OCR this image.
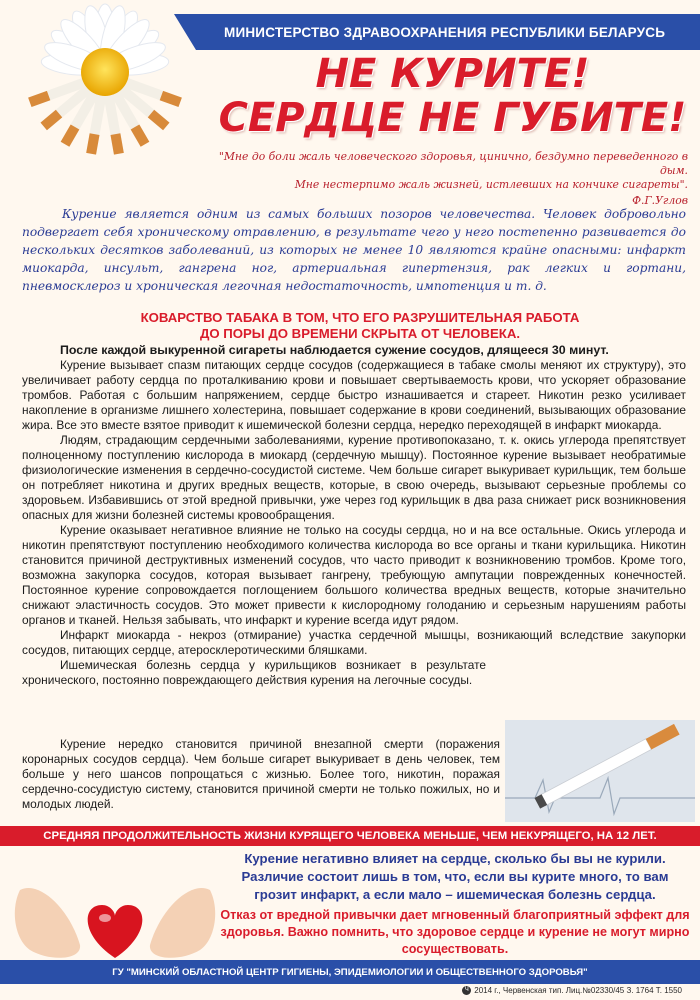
МИНИСТЕРСТВО ЗДРАВООХРАНЕНИЯ РЕСПУБЛИКИ БЕЛАРУСЬ
НЕ КУРИТЕ!
СЕРДЦЕ НЕ ГУБИТЕ!
"Мне до боли жаль человеческого здоровья, цинично, бездумно переведенного в дым.
Мне нестерпимо жаль жизней, истлевших на кончике сигареты".
Ф.Г.Углов

Курение является одним из самых больших позоров человечества. Человек добровольно подвергает себя хроническому отравлению, в результате чего у него постепенно развивается до нескольких десятков заболеваний, из которых не менее 10 являются крайне опасными: инфаркт миокарда, инсульт, гангрена ног, артериальная гипертензия, рак легких и гортани, пневмосклероз и хроническая легочная недостаточность, импотенция и т. д.

КОВАРСТВО ТАБАКА В ТОМ, ЧТО ЕГО РАЗРУШИТЕЛЬНАЯ РАБОТА
ДО ПОРЫ ДО ВРЕМЕНИ СКРЫТА ОТ ЧЕЛОВЕКА.

После каждой выкуренной сигареты наблюдается сужение сосудов, длящееся 30 минут.

Курение вызывает спазм питающих сердце сосудов (содержащиеся в табаке смолы меняют их структуру), это увеличивает работу сердца по проталкиванию крови и повышает свертываемость крови, что ускоряет образование тромбов. Работая с большим напряжением, сердце быстро изнашивается и стареет. Никотин резко усиливает накопление в организме лишнего холестерина, повышает содержание в крови соединений, вызывающих образование жира. Все это вместе взятое приводит к ишемической болезни сердца, нередко переходящей в инфаркт миокарда.

Людям, страдающим сердечными заболеваниями, курение противопоказано, т. к. окись углерода препятствует полноценному поступлению кислорода в миокард (сердечную мышцу). Постоянное курение вызывает необратимые физиологические изменения в сердечно-сосудистой системе. Чем больше сигарет выкуривает курильщик, тем больше он потребляет никотина и других вредных веществ, которые, в свою очередь, вызывают серьезные проблемы со здоровьем. Избавившись от этой вредной привычки, уже через год курильщик в два раза снижает риск возникновения опасных для жизни болезней системы кровообращения.

Курение оказывает негативное влияние не только на сосуды сердца, но и на все остальные. Окись углерода и никотин препятствуют поступлению необходимого количества кислорода во все органы и ткани курильщика. Никотин становится причиной деструктивных изменений сосудов, что часто приводит к возникновению тромбов. Кроме того, возможна закупорка сосудов, которая вызывает гангрену, требующую ампутации поврежденных конечностей. Постоянное курение сопровождается поглощением большого количества вредных веществ, которые значительно снижают эластичность сосудов. Это может привести к кислородному голоданию и серьезным нарушениям работы органов и тканей. Нельзя забывать, что инфаркт и курение всегда идут рядом.

Инфаркт миокарда - некроз (отмирание) участка сердечной мышцы, возникающий вследствие закупорки сосудов, питающих сердце, атеросклеротическими бляшками.

Ишемическая болезнь сердца у курильщиков возникает в результате хронического, постоянно повреждающего действия курения на легочные сосуды.

Курение нередко становится причиной внезапной смерти (поражения коронарных сосудов сердца). Чем больше сигарет выкуривает в день человек, тем больше у него шансов попрощаться с жизнью. Более того, никотин, поражая сердечно-сосудистую систему, становится причиной смерти не только пожилых, но и молодых людей.

СРЕДНЯЯ ПРОДОЛЖИТЕЛЬНОСТЬ ЖИЗНИ КУРЯЩЕГО ЧЕЛОВЕКА МЕНЬШЕ, ЧЕМ НЕКУРЯЩЕГО, НА 12 ЛЕТ.

Курение негативно влияет на сердце, сколько бы вы не курили. Различие состоит лишь в том, что, если вы курите много, то вам грозит инфаркт, а если мало – ишемическая болезнь сердца.

Отказ от вредной привычки дает мгновенный благоприятный эффект для здоровья. Важно помнить, что здоровое сердце и курение не могут мирно сосуществовать.

ГУ "МИНСКИЙ ОБЛАСТНОЙ ЦЕНТР ГИГИЕНЫ, ЭПИДЕМИОЛОГИИ И ОБЩЕСТВЕННОГО ЗДОРОВЬЯ"
Ч 2014 г., Червенская тип. Лиц.№02330/45 З. 1764 Т. 1550
